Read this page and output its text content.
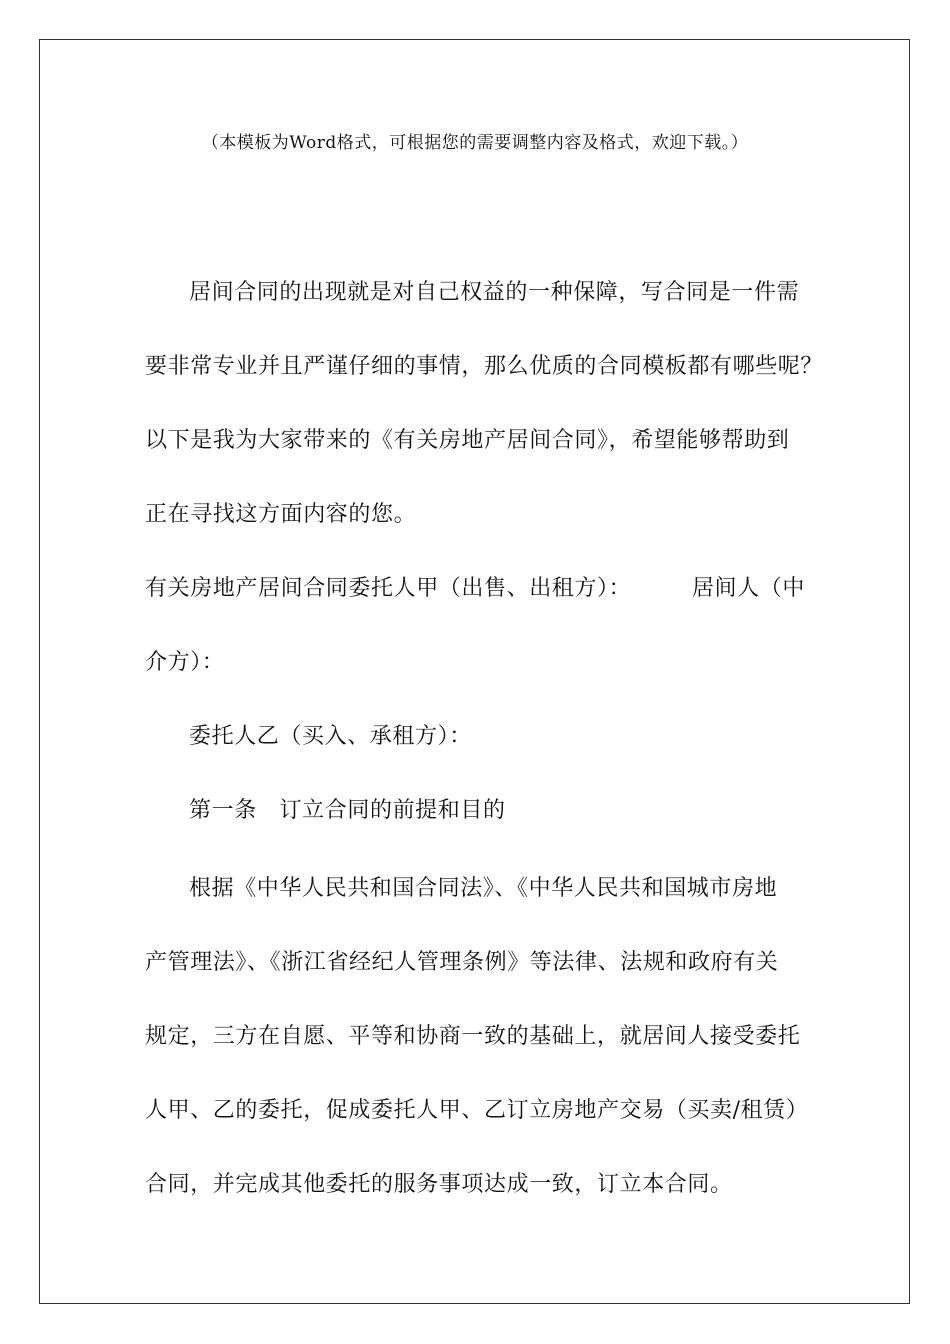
（本模板为Word格式，可根据您的需要调整内容及格式，欢迎下载。）
居间合同的出现就是对自己权益的一种保障，写合同是一件需
要非常专业并且严谨仔细的事情，那么优质的合同模板都有哪些呢？
以下是我为大家带来的《有关房地产居间合同》，希望能够帮助到
正在寻找这方面内容的您。
有关房地产居间合同委托人甲（出售、出租方）：        居间人（中
介方）：
委托人乙（买入、承租方）：
第一条   订立合同的前提和目的
根据《中华人民共和国合同法》、《中华人民共和国城市房地
产管理法》、《浙江省经纪人管理条例》等法律、法规和政府有关
规定，三方在自愿、平等和协商一致的基础上，就居间人接受委托
人甲、乙的委托，促成委托人甲、乙订立房地产交易（买卖/租赁）
合同，并完成其他委托的服务事项达成一致，订立本合同。
